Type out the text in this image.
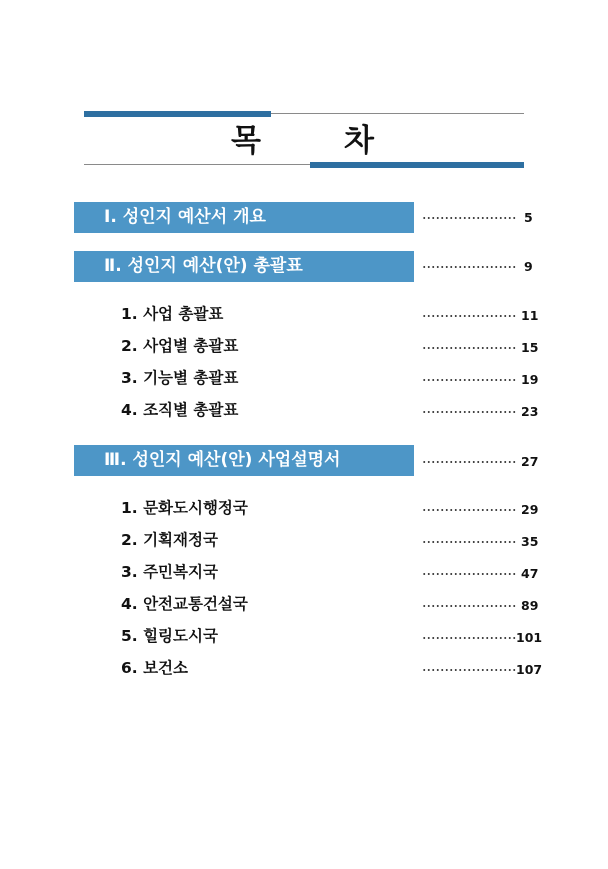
목	차
Ⅰ. 성인지 예산서 개요	5
Ⅱ. 성인지 예산(안) 총괄표	9
1. 사업 총괄표	11
2. 사업별 총괄표	15
3. 기능별 총괄표	19
4. 조직별 총괄표	23
Ⅲ. 성인지 예산(안) 사업설명서	27
1. 문화도시행정국	29
2. 기획재정국	35
3. 주민복지국	47
4. 안전교통건설국	89
5. 힐링도시국	101
6. 보건소	107
